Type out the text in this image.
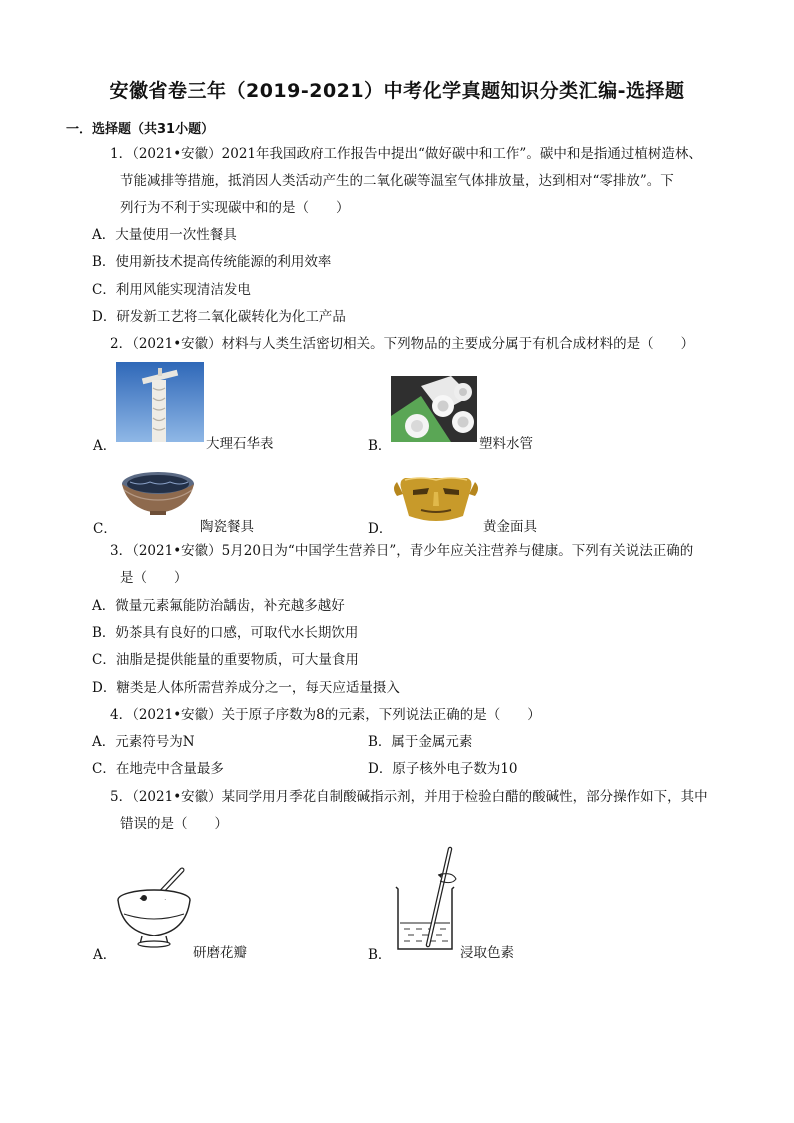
安徽省卷三年（2019-2021）中考化学真题知识分类汇编-选择题
一．选择题（共31小题）
1．（2021•安徽）2021年我国政府工作报告中提出“做好碳中和工作”。碳中和是指通过植树造林、
节能减排等措施，抵消因人类活动产生的二氧化碳等温室气体排放量，达到相对“零排放”。下
列行为不利于实现碳中和的是（　　）
A．大量使用一次性餐具
B．使用新技术提高传统能源的利用效率
C．利用风能实现清洁发电
D．研发新工艺将二氧化碳转化为化工产品
2．（2021•安徽）材料与人类生活密切相关。下列物品的主要成分属于有机合成材料的是（　　）
A．	大理石华表	B．	塑料水管
C．	陶瓷餐具	D．	黄金面具
3．（2021•安徽）5月20日为“中国学生营养日”，青少年应关注营养与健康。下列有关说法正确的
是（　　）
A．微量元素氟能防治龋齿，补充越多越好
B．奶茶具有良好的口感，可取代水长期饮用
C．油脂是提供能量的重要物质，可大量食用
D．糖类是人体所需营养成分之一，每天应适量摄入
4．（2021•安徽）关于原子序数为8的元素，下列说法正确的是（　　）
A．元素符号为N	B．属于金属元素
C．在地壳中含量最多	D．原子核外电子数为10
5．（2021•安徽）某同学用月季花自制酸碱指示剂，并用于检验白醋的酸碱性，部分操作如下，其中
错误的是（　　）
A．	研磨花瓣	B．	浸取色素
